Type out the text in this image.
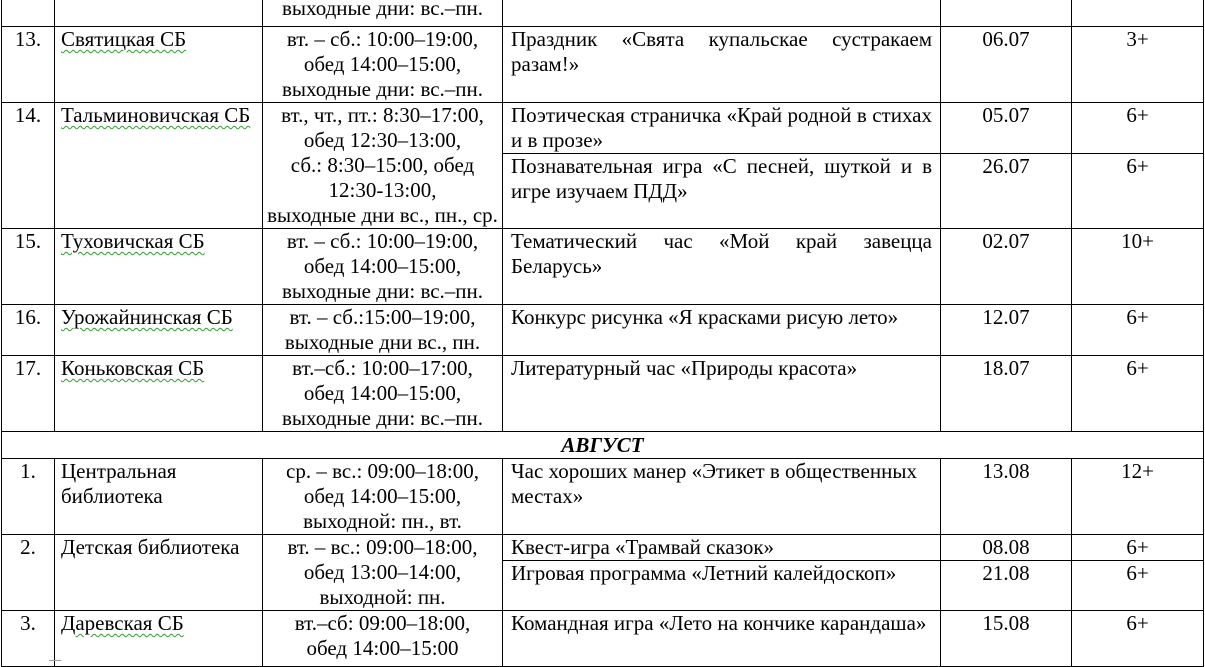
		выходные дни: вс.–пн.			

13.	Святицкая СБ	вт. – сб.: 10:00–19:00,
обед 14:00–15:00,
выходные дни: вс.–пн.	Праздник «Свята купальскае сустракаем разам!»	06.07	3+
14.	Тальминовичская СБ	вт., чт., пт.: 8:30–17:00,
обед 12:30–13:00,
сб.: 8:30–15:00, обед
12:30-13:00,
выходные дни вс., пн., ср.	Поэтическая страничка «Край родной в стихах и в прозе»	05.07	6+
			Познавательная игра «С песней, шуткой и в игре изучаем ПДД»	26.07	6+
15.	Туховичская СБ	вт. – сб.: 10:00–19:00,
обед 14:00–15:00,
выходные дни: вс.–пн.	Тематический час «Мой край завецца Беларусь»	02.07	10+
16.	Урожайнинская СБ	вт. – сб.:15:00–19:00,
выходные дни вс., пн.	Конкурс рисунка «Я красками рисую лето»	12.07	6+
17.	Коньковская СБ	вт.–сб.: 10:00–17:00,
обед 14:00–15:00,
выходные дни: вс.–пн.	Литературный час «Природы красота»	18.07	6+
АВГУСТ					
1.	Центральная библиотека	ср. – вс.: 09:00–18:00,
обед 14:00–15:00,
выходной: пн., вт.	Час хороших манер «Этикет в общественных местах»	13.08	12+
2.	Детская библиотека	вт. – вс.: 09:00–18:00,
обед 13:00–14:00,
выходной: пн.	Квест-игра «Трамвай сказок»	08.08	6+
			Игровая программа «Летний калейдоскоп»	21.08	6+
3.	Даревская СБ	вт.–сб: 09:00–18:00,
обед 14:00–15:00	Командная игра «Лето на кончике карандаша»	15.08	6+
